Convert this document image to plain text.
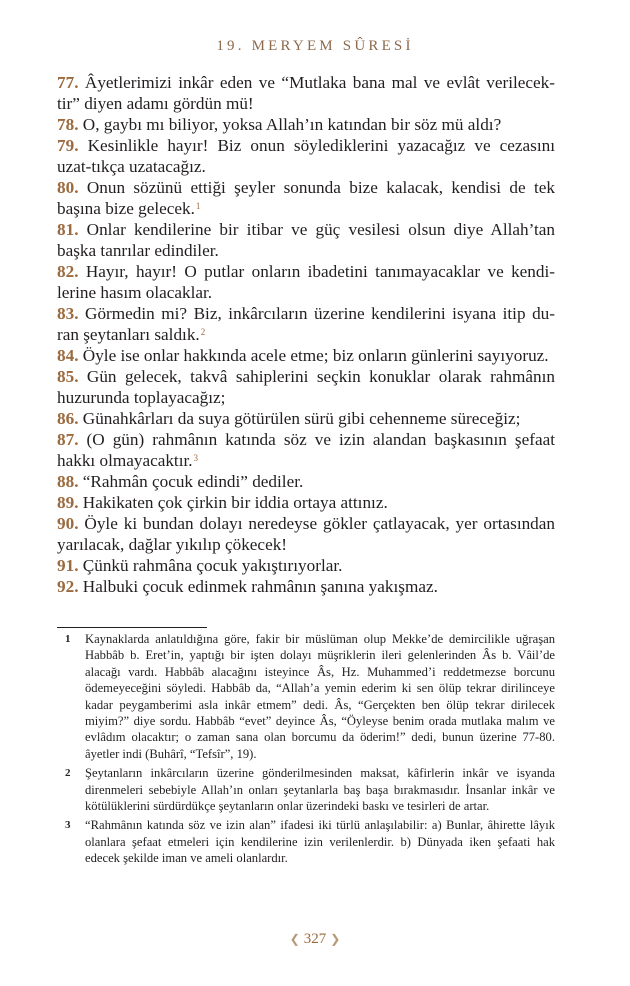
19. MERYEM SÛRESİ

77. Âyetlerimizi inkâr eden ve “Mutlaka bana mal ve evlât verilecek-tir” diyen adamı gördün mü!

78. O, gaybı mı biliyor, yoksa Allah’ın katından bir söz mü aldı?

79. Kesinlikle hayır! Biz onun söylediklerini yazacağız ve cezasını uzat-tıkça uzatacağız.

80. Onun sözünü ettiği şeyler sonunda bize kalacak, kendisi de tek başına bize gelecek.$^1$

81. Onlar kendilerine bir itibar ve güç vesilesi olsun diye Allah’tan başka tanrılar edindiler.

82. Hayır, hayır! O putlar onların ibadetini tanımayacaklar ve kendi-lerine hasım olacaklar.

83. Görmedin mi? Biz, inkârcıların üzerine kendilerini isyana itip du-ran şeytanları saldık.$^2$

84. Öyle ise onlar hakkında acele etme; biz onların günlerini sayıyoruz.

85. Gün gelecek, takvâ sahiplerini seçkin konuklar olarak rahmânın huzurunda toplayacağız;

86. Günahkârları da suya götürülen sürü gibi cehenneme süreceğiz;

87. (O gün) rahmânın katında söz ve izin alandan başkasının şefaat hakkı olmayacaktır.$^3$

88. “Rahmân çocuk edindi” dediler.

89. Hakikaten çok çirkin bir iddia ortaya attınız.

90. Öyle ki bundan dolayı neredeyse gökler çatlayacak, yer ortasından yarılacak, dağlar yıkılıp çökecek!

91. Çünkü rahmâna çocuk yakıştırıyorlar.

92. Halbuki çocuk edinmek rahmânın şanına yakışmaz.

1	Kaynaklarda anlatıldığına göre, fakir bir müslüman olup Mekke’de demircilikle uğraşan Habbâb b. Eret’in, yaptığı bir işten dolayı müşriklerin ileri gelenlerinden Âs b. Vâil’de alacağı vardı. Habbâb alacağını isteyince Âs, Hz. Muhammed’i reddetmezse borcunu ödemeyeceğini söyledi. Habbâb da, “Allah’a yemin ederim ki sen ölüp tekrar dirilinceye kadar peygamberimi asla inkâr etmem” dedi. Âs, “Gerçekten ben ölüp tekrar dirilecek miyim?” diye sordu. Habbâb “evet” deyince Âs, “Öyleyse benim orada mutlaka malım ve evlâdım olacaktır; o zaman sana olan borcumu da öderim!” dedi, bunun üzerine 77-80. âyetler indi (Buhârî, “Tefsîr”, 19).
2	Şeytanların inkârcıların üzerine gönderilmesinden maksat, kâfirlerin inkâr ve isyanda direnmeleri sebebiyle Allah’ın onları şeytanlarla baş başa bırakmasıdır. İnsanlar inkâr ve kötülüklerini sürdürdükçe şeytanların onlar üzerindeki baskı ve tesirleri de artar.
3	“Rahmânın katında söz ve izin alan” ifadesi iki türlü anlaşılabilir: a) Bunlar, âhirette lâyık olanlara şefaat etmeleri için kendilerine izin verilenlerdir. b) Dünyada iken şefaati hak edecek şekilde iman ve ameli olanlardır.
❮ 327 ❯
